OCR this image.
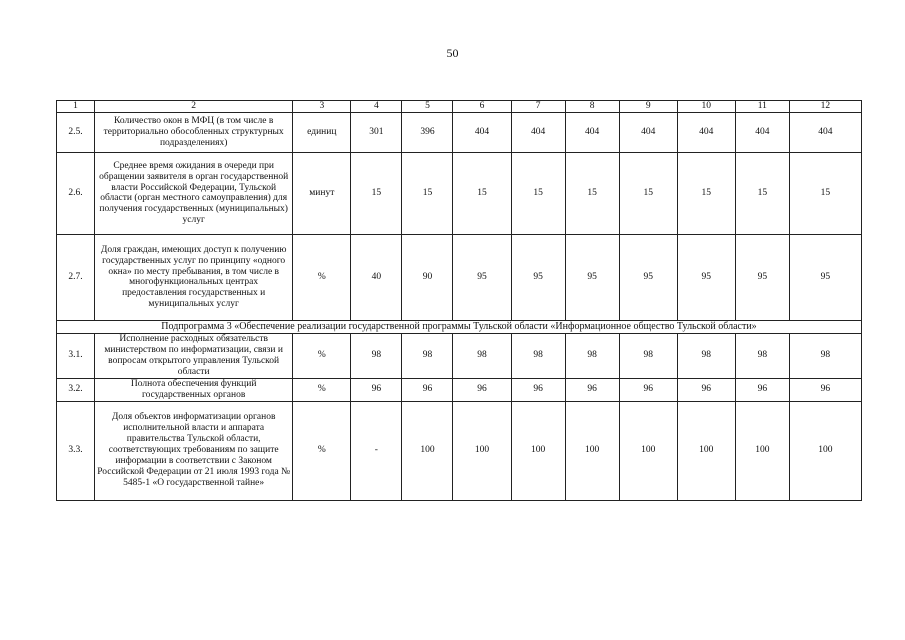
50
1	2	3	4	5	6	7	8	9	10	11	12
2.5.	Количество окон в МФЦ (в том числе в территориально обособленных структурных подразделениях)	единиц	301	396	404	404	404	404	404	404	404
2.6.	Среднее время ожидания в очереди при обращении заявителя в орган государственной власти Российской Федерации, Тульской области (орган местного самоуправления) для получения государственных (муниципальных) услуг	минут	15	15	15	15	15	15	15	15	15
2.7.	Доля граждан, имеющих доступ к получению государственных услуг по принципу «одного окна» по месту пребывания, в том числе в многофункциональных центрах предоставления государственных и муниципальных услуг	%	40	90	95	95	95	95	95	95	95
Подпрограмма 3 «Обеспечение реализации государственной программы Тульской области «Информационное общество Тульской области»											
3.1.	Исполнение расходных обязательств министерством по информатизации, связи и вопросам открытого управления Тульской области	%	98	98	98	98	98	98	98	98	98
3.2.	Полнота обеспечения функций государственных органов	%	96	96	96	96	96	96	96	96	96
3.3.	Доля объектов информатизации органов исполнительной власти и аппарата правительства Тульской области, соответствующих требованиям по защите информации в соответствии с Законом Российской Федерации от 21 июля 1993 года № 5485-1 «О государственной тайне»	%	-	100	100	100	100	100	100	100	100
